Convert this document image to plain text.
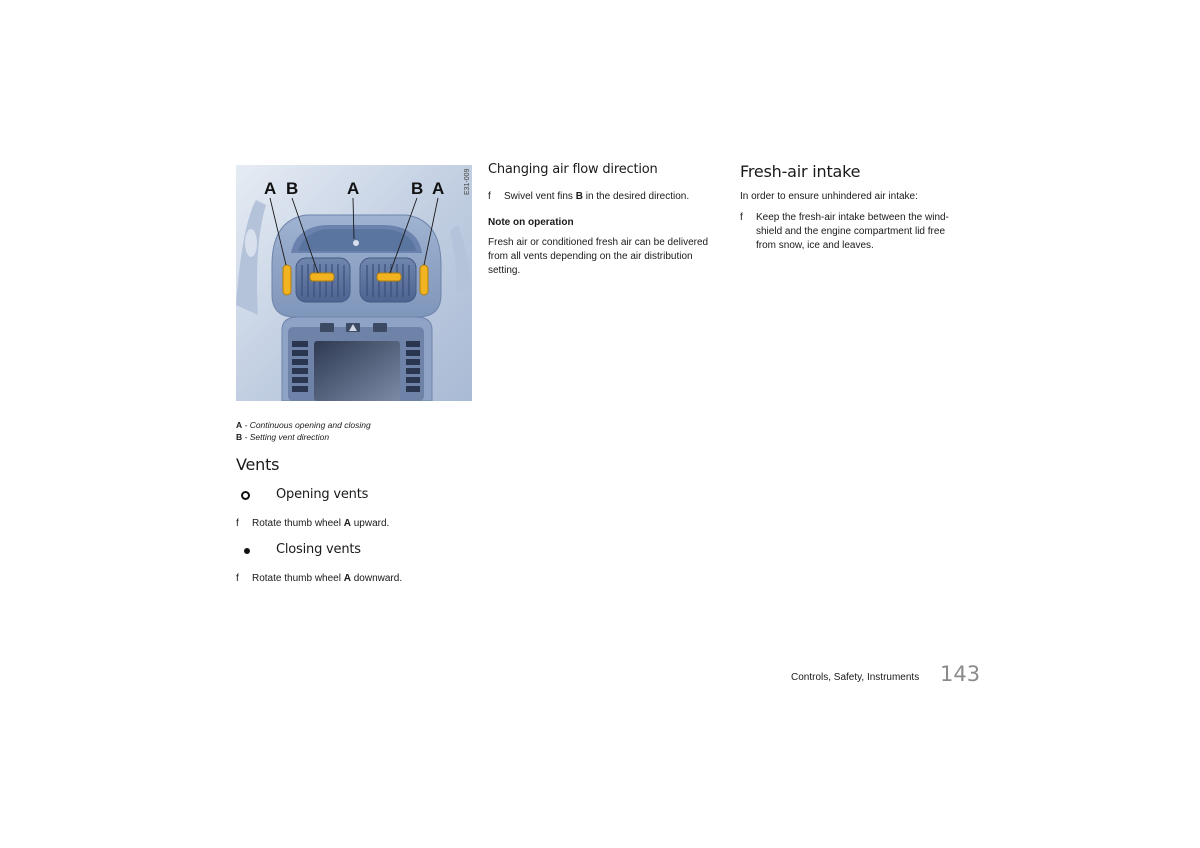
A B	A	B A	E31-009
A - Continuous opening and closing
B - Setting vent direction
Vents
Opening vents
f Rotate thumb wheel A upward.
Closing vents
f Rotate thumb wheel A downward.
Changing air flow direction
f Swivel vent fins B in the desired direction.
Note on operation
Fresh air or conditioned fresh air can be delivered
from all vents depending on the air distribution
setting.
Fresh-air intake
In order to ensure unhindered air intake:
f Keep the fresh-air intake between the wind-
shield and the engine compartment lid free
from snow, ice and leaves.
Controls, Safety, Instruments 143
